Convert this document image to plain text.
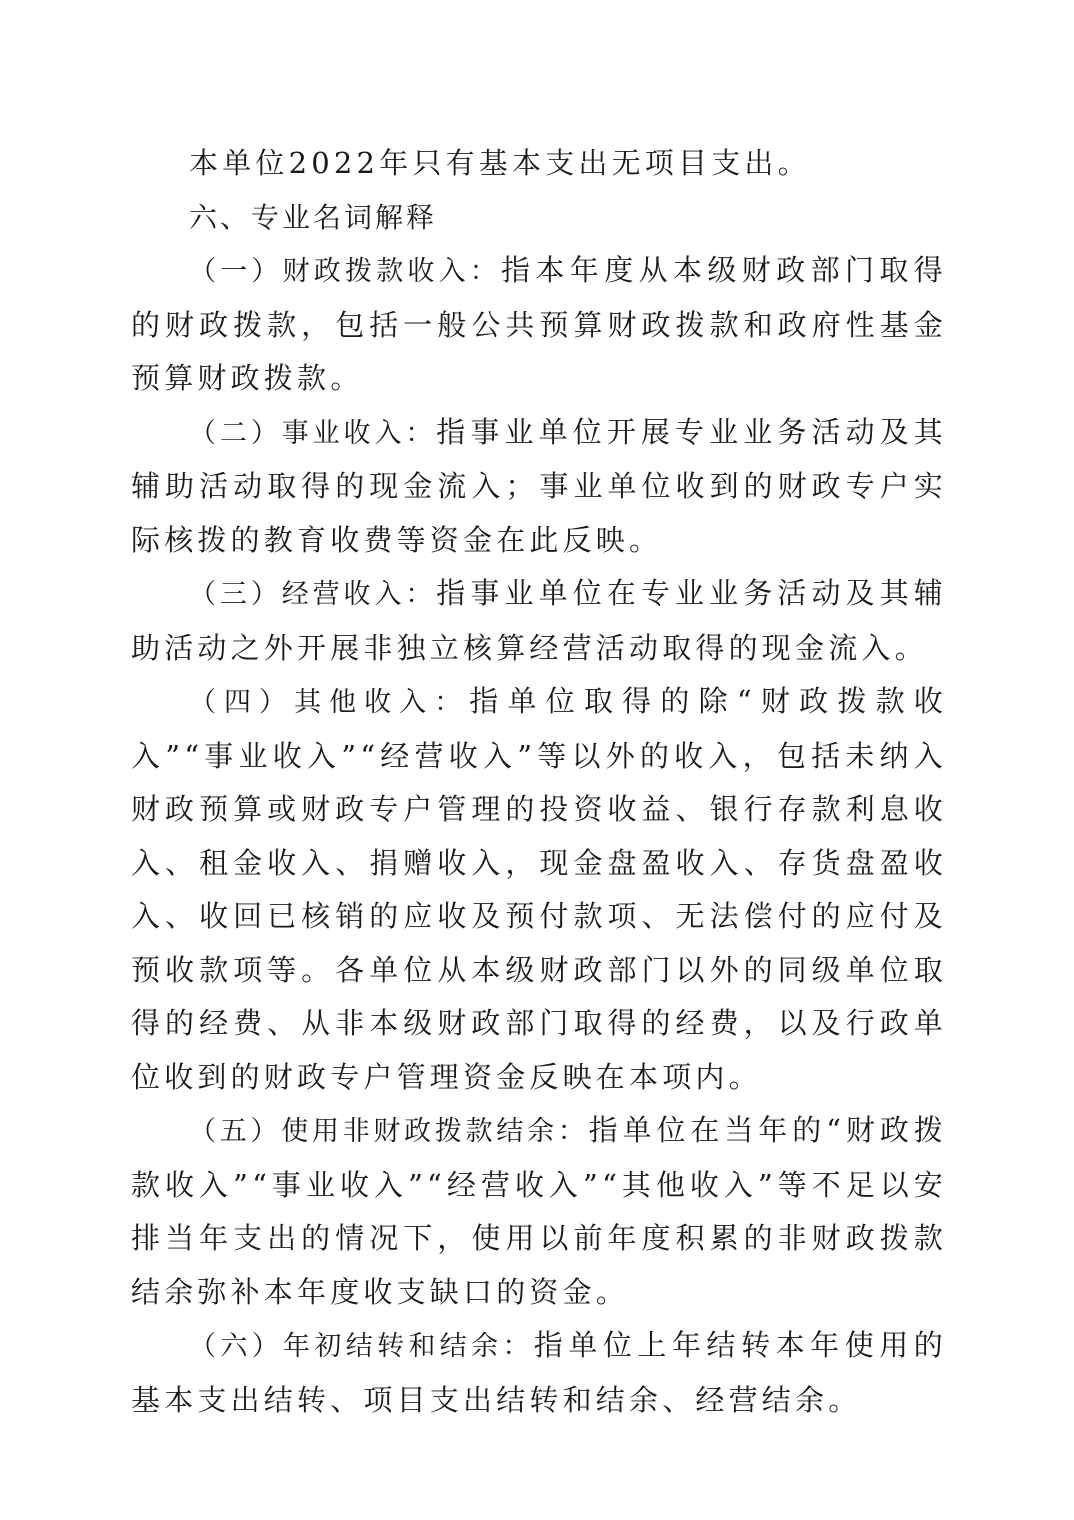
本单位2022年只有基本支出无项目支出。

六、专业名词解释

（一）财政拨款收入：指本年度从本级财政部门取得的财政拨款，包括一般公共预算财政拨款和政府性基金预算财政拨款。

（二）事业收入：指事业单位开展专业业务活动及其辅助活动取得的现金流入；事业单位收到的财政专户实际核拨的教育收费等资金在此反映。

（三）经营收入：指事业单位在专业业务活动及其辅助活动之外开展非独立核算经营活动取得的现金流入。

（四）其他收入：指单位取得的除“财政拨款收入”“事业收入”“经营收入”等以外的收入，包括未纳入财政预算或财政专户管理的投资收益、银行存款利息收入、租金收入、捐赠收入，现金盘盈收入、存货盘盈收入、收回已核销的应收及预付款项、无法偿付的应付及预收款项等。各单位从本级财政部门以外的同级单位取得的经费、从非本级财政部门取得的经费，以及行政单位收到的财政专户管理资金反映在本项内。

（五）使用非财政拨款结余：指单位在当年的“财政拨款收入”“事业收入”“经营收入”“其他收入”等不足以安排当年支出的情况下，使用以前年度积累的非财政拨款结余弥补本年度收支缺口的资金。

（六）年初结转和结余：指单位上年结转本年使用的基本支出结转、项目支出结转和结余、经营结余。
